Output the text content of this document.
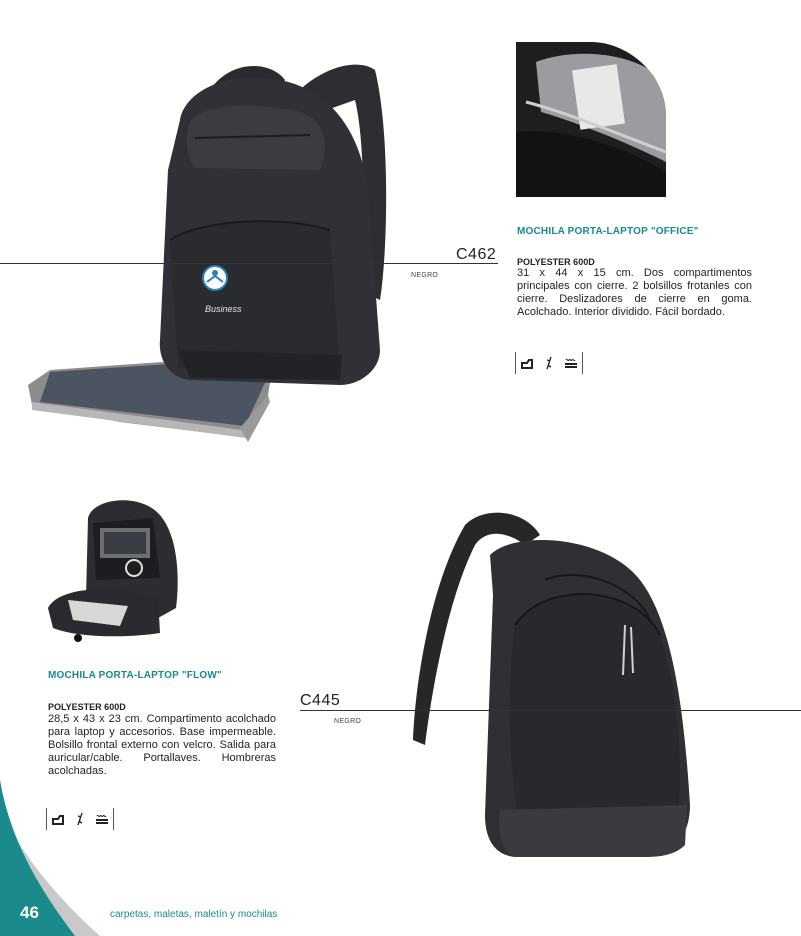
Business
C462
NEGRO
MOCHILA PORTA-LAPTOP "OFFICE"
POLYESTER 600D
31 x 44 x 15 cm. Dos compartimentos principales con cierre. 2 bolsillos frotanles con cierre. Deslizadores de cierre en goma. Acolchado. Interior dividido. Fácil bordado.
C445
NEGRO
MOCHILA PORTA-LAPTOP "FLOW"
POLYESTER 600D
28,5 x 43 x 23 cm. Compartimento acolchado para laptop y accesorios. Base impermeable. Bolsillo frontal externo con velcro. Salida para auricular/cable. Portallaves. Hombreras acolchadas.
46	carpetas, maletas, maletín y mochilas
